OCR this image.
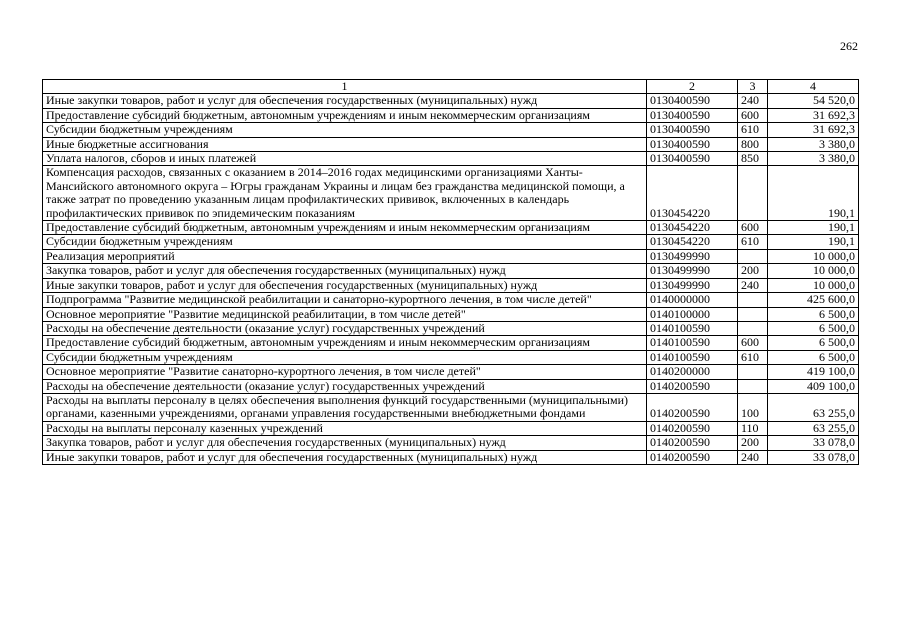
262
1	2	3	4
Иные закупки товаров, работ и услуг для обеспечения государственных (муниципальных) нужд	0130400590	240	54 520,0
Предоставление субсидий бюджетным, автономным учреждениям и иным некоммерческим организациям	0130400590	600	31 692,3
Субсидии бюджетным учреждениям	0130400590	610	31 692,3
Иные бюджетные ассигнования	0130400590	800	3 380,0
Уплата налогов, сборов и иных платежей	0130400590	850	3 380,0
Компенсация расходов, связанных с оказанием в 2014–2016 годах медицинскими организациями Ханты-Мансийского автономного округа – Югры гражданам Украины и лицам без гражданства медицинской помощи, а также затрат по проведению указанным лицам профилактических прививок, включенных в календарь профилактических прививок по эпидемическим показаниям	0130454220		190,1
Предоставление субсидий бюджетным, автономным учреждениям и иным некоммерческим организациям	0130454220	600	190,1
Субсидии бюджетным учреждениям	0130454220	610	190,1
Реализация мероприятий	0130499990		10 000,0
Закупка товаров, работ и услуг для обеспечения государственных (муниципальных) нужд	0130499990	200	10 000,0
Иные закупки товаров, работ и услуг для обеспечения государственных (муниципальных) нужд	0130499990	240	10 000,0
Подпрограмма "Развитие медицинской реабилитации и санаторно-курортного лечения, в том числе детей"	0140000000		425 600,0
Основное мероприятие "Развитие медицинской реабилитации, в том числе детей"	0140100000		6 500,0
Расходы на обеспечение деятельности (оказание услуг) государственных учреждений	0140100590		6 500,0
Предоставление субсидий бюджетным, автономным учреждениям и иным некоммерческим организациям	0140100590	600	6 500,0
Субсидии бюджетным учреждениям	0140100590	610	6 500,0
Основное мероприятие "Развитие санаторно-курортного лечения, в том числе детей"	0140200000		419 100,0
Расходы на обеспечение деятельности (оказание услуг) государственных учреждений	0140200590		409 100,0
Расходы на выплаты персоналу в целях обеспечения выполнения функций государственными (муниципальными) органами, казенными учреждениями, органами управления государственными внебюджетными фондами	0140200590	100	63 255,0
Расходы на выплаты персоналу казенных учреждений	0140200590	110	63 255,0
Закупка товаров, работ и услуг для обеспечения государственных (муниципальных) нужд	0140200590	200	33 078,0
Иные закупки товаров, работ и услуг для обеспечения государственных (муниципальных) нужд	0140200590	240	33 078,0
